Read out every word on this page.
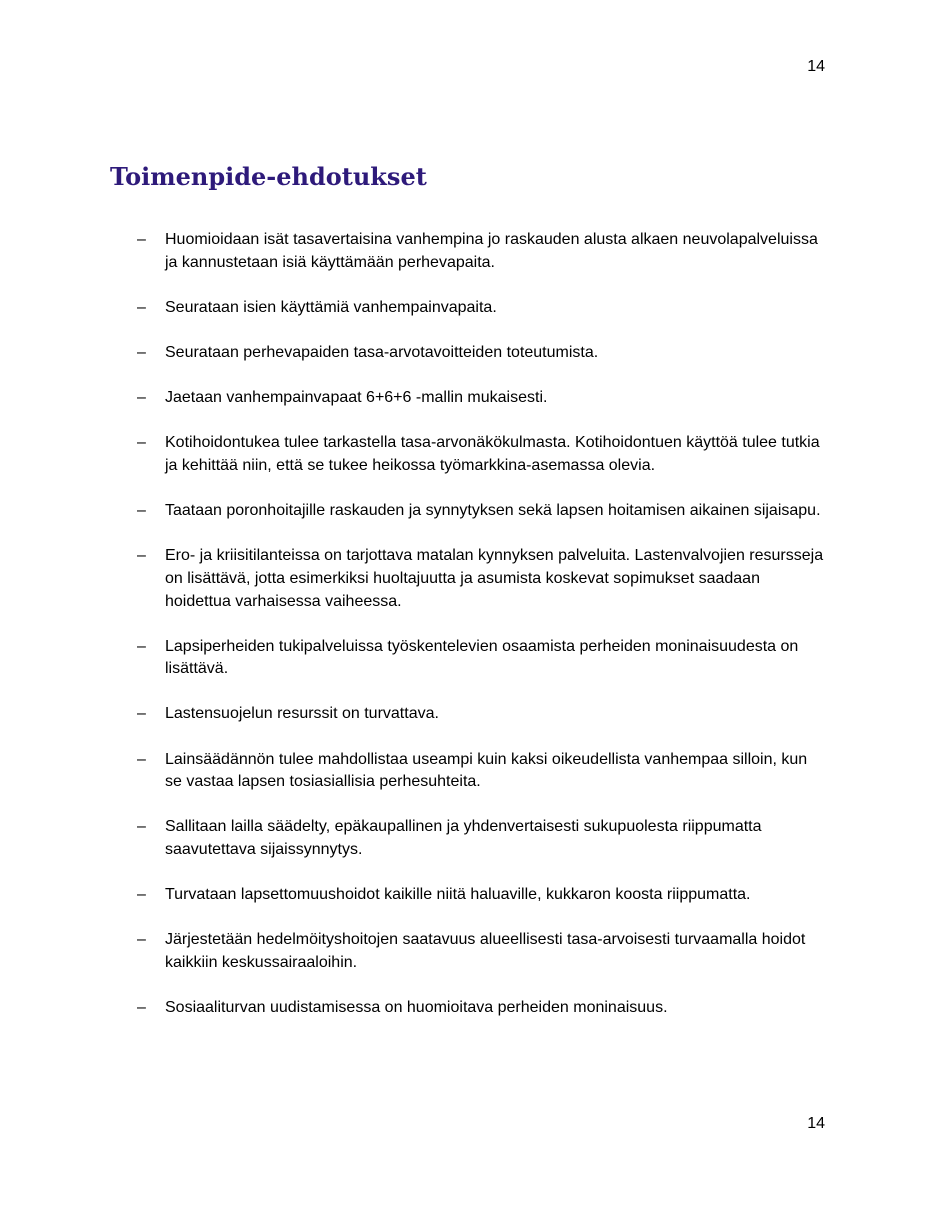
14
Toimenpide-ehdotukset
– Huomioidaan isät tasavertaisina vanhempina jo raskauden alusta alkaen neuvolapalveluissa ja kannustetaan isiä käyttämään perhevapaita.
– Seurataan isien käyttämiä vanhempainvapaita.
– Seurataan perhevapaiden tasa-arvotavoitteiden toteutumista.
– Jaetaan vanhempainvapaat 6+6+6 -mallin mukaisesti.
– Kotihoidontukea tulee tarkastella tasa-arvonäkökulmasta. Kotihoidontuen käyttöä tulee tutkia ja kehittää niin, että se tukee heikossa työmarkkina-asemassa olevia.
– Taataan poronhoitajille raskauden ja synnytyksen sekä lapsen hoitamisen aikainen sijaisapu.
– Ero- ja kriisitilanteissa on tarjottava matalan kynnyksen palveluita. Lastenvalvojien resursseja on lisättävä, jotta esimerkiksi huoltajuutta ja asumista koskevat sopimukset saadaan hoidettua varhaisessa vaiheessa.
– Lapsiperheiden tukipalveluissa työskentelevien osaamista perheiden moninaisuudesta on lisättävä.
– Lastensuojelun resurssit on turvattava.
– Lainsäädännön tulee mahdollistaa useampi kuin kaksi oikeudellista vanhempaa silloin, kun se vastaa lapsen tosiasiallisia perhesuhteita.
– Sallitaan lailla säädelty, epäkaupallinen ja yhdenvertaisesti sukupuolesta riippumatta saavutettava sijaissynnytys.
– Turvataan lapsettomuushoidot kaikille niitä haluaville, kukkaron koosta riippumatta.
– Järjestetään hedelmöityshoitojen saatavuus alueellisesti tasa-arvoisesti turvaamalla hoidot kaikkiin keskussairaaloihin.
– Sosiaaliturvan uudistamisessa on huomioitava perheiden moninaisuus.
14
